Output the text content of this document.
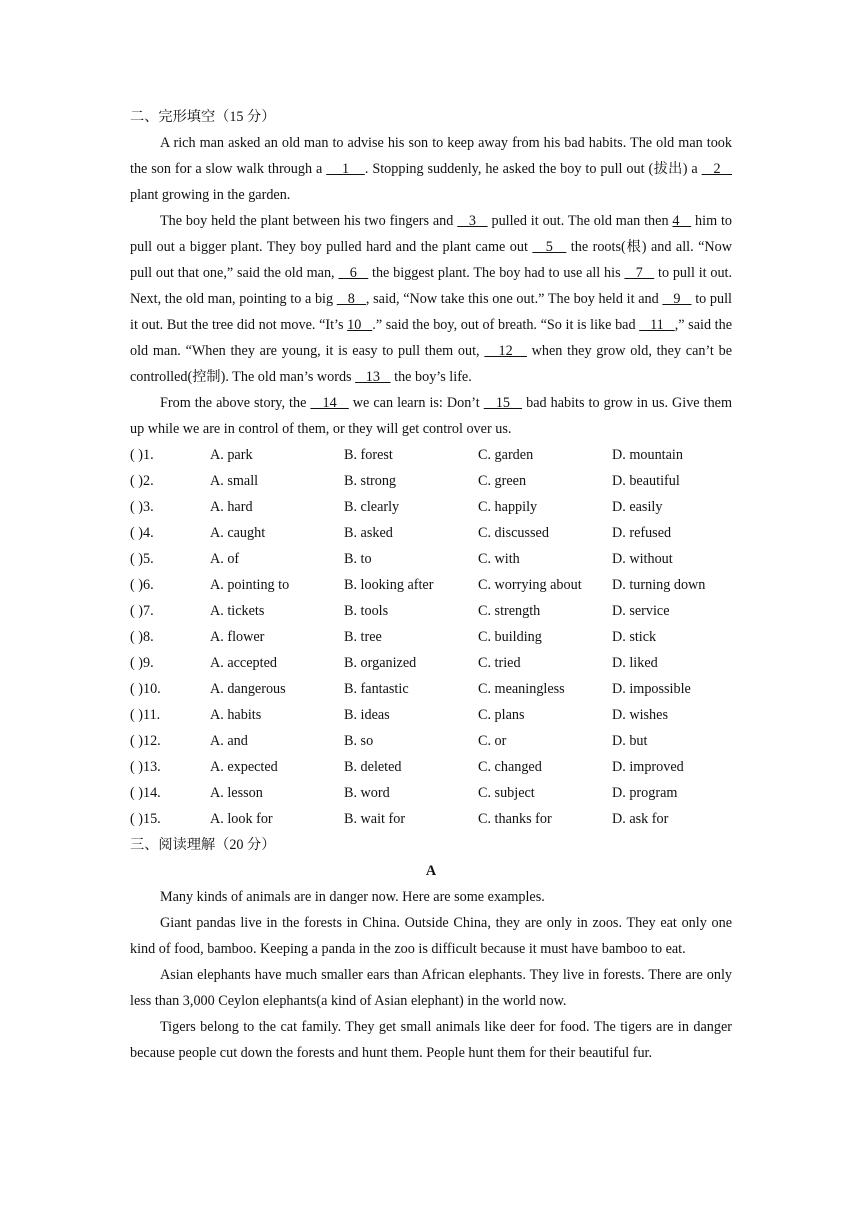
二、完形填空（15 分）

A rich man asked an old man to advise his son to keep away from his bad habits. The old man took the son for a slow walk through a     1    . Stopping suddenly, he asked the boy to pull out (拔出) a    2    plant growing in the garden.

The boy held the plant between his two fingers and    3    pulled it out. The old man then 4    him to pull out a bigger plant. They boy pulled hard and the plant came out    5    the roots(根) and all. “Now pull out that one,” said the old man,    6    the biggest plant. The boy had to use all his    7    to pull it out. Next, the old man, pointing to a big    8   , said, “Now take this one out.” The boy held it and    9    to pull it out. But the tree did not move. “It’s 10   .” said the boy, out of breath. “So it is like bad    11   ,” said the old man. “When they are young, it is easy to pull them out,    12    when they grow old, they can’t be controlled(控制). The old man’s words    13    the boy’s life.

From the above story, the    14    we can learn is: Don’t    15    bad habits to grow in us. Give them up while we are in control of them, or they will get control over us.

( )1.	A. park	B. forest	C. garden	D. mountain
( )2.	A. small	B. strong	C. green	D. beautiful
( )3.	A. hard	B. clearly	C. happily	D. easily
( )4.	A. caught	B. asked	C. discussed	D. refused
( )5.	A. of	B. to	C. with	D. without
( )6.	A. pointing to	B. looking after	C. worrying about	D. turning down
( )7.	A. tickets	B. tools	C. strength	D. service
( )8.	A. flower	B. tree	C. building	D. stick
( )9.	A. accepted	B. organized	C. tried	D. liked
( )10.	A. dangerous	B. fantastic	C. meaningless	D. impossible
( )11.	A. habits	B. ideas	C. plans	D. wishes
( )12.	A. and	B. so	C. or	D. but
( )13.	A. expected	B. deleted	C. changed	D. improved
( )14.	A. lesson	B. word	C. subject	D. program
( )15.	A. look for	B. wait for	C. thanks for	D. ask for

三、阅读理解（20 分）

A

Many kinds of animals are in danger now. Here are some examples.

Giant pandas live in the forests in China. Outside China, they are only in zoos. They eat only one kind of food, bamboo. Keeping a panda in the zoo is difficult because it must have bamboo to eat.

Asian elephants have much smaller ears than African elephants. They live in forests. There are only less than 3,000 Ceylon elephants(a kind of Asian elephant) in the world now.

Tigers belong to the cat family. They get small animals like deer for food. The tigers are in danger because people cut down the forests and hunt them. People hunt them for their beautiful fur.
